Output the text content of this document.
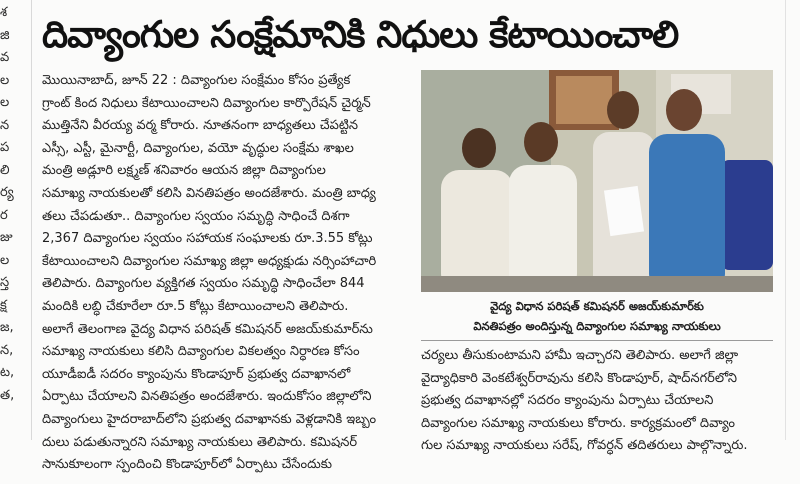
శ
జి
వ
ల
ల
న
ప
లి
ర్య
ర
జు
ల
స్త
క్ష
జ,
న,
ట,
త,
దివ్యాంగుల సంక్షేమానికి నిధులు కేటాయించాలి
మొయినాబాద్, జూన్ 22 : దివ్యాంగుల సంక్షేమం కోసం ప్రత్యేక
గ్రాంట్ కింద నిధులు కేటాయించాలని దివ్యాంగుల కార్పొరేషన్ చైర్మన్
ముత్తినేని వీరయ్య వర్మ కోరారు. నూతనంగా బాధ్యతలు చేపట్టిన
ఎస్సీ, ఎస్టీ, మైనార్టీ, దివ్యాంగుల, వయో వృద్ధుల సంక్షేమ శాఖల
మంత్రి అడ్లూరి లక్ష్మణ్ శనివారం ఆయన జిల్లా దివ్యాంగుల
సమాఖ్య నాయకులతో కలిసి వినతిపత్రం అందజేశారు. మంత్రి బాధ్య
తలు చేపడుతూ.. దివ్యాంగుల స్వయం సమృద్ధి సాధించే దిశగా
2,367 దివ్యాంగుల స్వయం సహాయక సంఘాలకు రూ.3.55 కోట్లు
కేటాయించాలని దివ్యాంగుల సమాఖ్య జిల్లా అధ్యక్షుడు నర్సింహాచారి
తెలిపారు. దివ్యాంగుల వ్యక్తిగత స్వయం సమృద్ధి సాధించేలా 844
మందికి లబ్ధి చేకూరేలా రూ.5 కోట్లు కేటాయించాలని తెలిపారు.
అలాగే తెలంగాణ వైద్య విధాన పరిషత్ కమిషనర్ అజయ్‌కుమార్‌ను
సమాఖ్య నాయకులు కలిసి దివ్యాంగుల వికలత్వం నిర్ధారణ కోసం
యూడీఐడీ సదరం క్యాంపును కొండాపూర్ ప్రభుత్వ దవాఖానలో
ఏర్పాటు చేయాలని వినతిపత్రం అందజేశారు. ఇందుకోసం జిల్లాలోని
దివ్యాంగులు హైదరాబాద్‌లోని ప్రభుత్వ దవాఖానకు వెళ్లడానికి ఇబ్బం
దులు పడుతున్నారని సమాఖ్య నాయకులు తెలిపారు. కమిషనర్
సానుకూలంగా స్పందించి కొండాపూర్‌లో ఏర్పాటు చేసేందుకు
వైద్య విధాన పరిషత్ కమిషనర్ అజయ్‌కుమార్‌కు
వినతిపత్రం అందిస్తున్న దివ్యాంగుల సమాఖ్య నాయకులు
చర్యలు తీసుకుంటామని హామీ ఇచ్చారని తెలిపారు. అలాగే జిల్లా
వైద్యాధికారి వెంకటేశ్వర్‌రావును కలిసి కొండాపూర్, షాద్‌నగర్‌లోని
ప్రభుత్వ దవాఖానల్లో సదరం క్యాంపును ఏర్పాటు చేయాలని
దివ్యాంగుల సమాఖ్య నాయకులు కోరారు. కార్యక్రమంలో దివ్యాం
గుల సమాఖ్య నాయకులు సరేష్, గోవర్ధన్ తదితరులు పాల్గొన్నారు.
